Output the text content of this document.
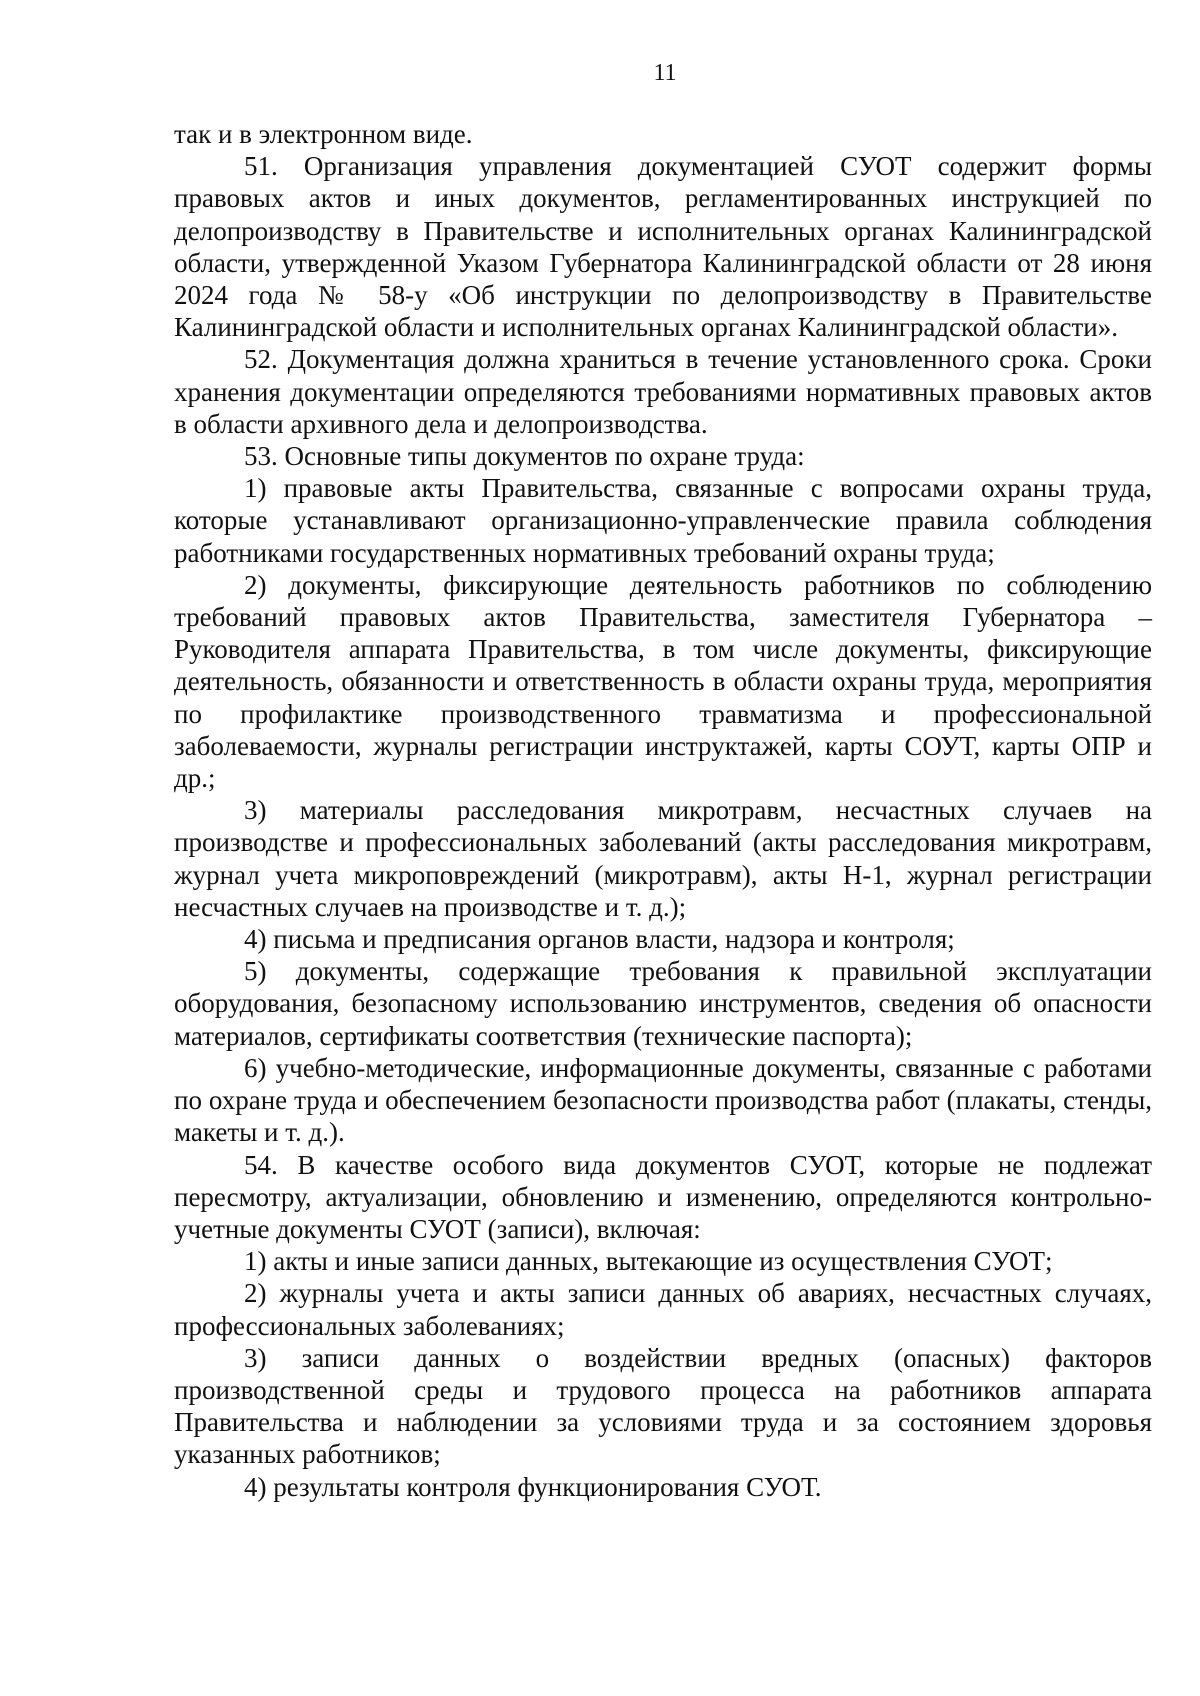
11

так и в электронном виде.

51. Организация управления документацией СУОТ содержит формы правовых актов и иных документов, регламентированных инструкцией по делопроизводству в Правительстве и исполнительных органах Калининградской области, утвержденной Указом Губернатора Калининградской области от 28 июня 2024 года № 58-у «Об инструкции по делопроизводству в Правительстве Калининградской области и исполнительных органах Калининградской области».

52. Документация должна храниться в течение установленного срока. Сроки хранения документации определяются требованиями нормативных правовых актов в области архивного дела и делопроизводства.

53. Основные типы документов по охране труда:

1) правовые акты Правительства, связанные с вопросами охраны труда, которые устанавливают организационно-управленческие правила соблюдения работниками государственных нормативных требований охраны труда;

2) документы, фиксирующие деятельность работников по соблюдению требований правовых актов Правительства, заместителя Губернатора – Руководителя аппарата Правительства, в том числе документы, фиксирующие деятельность, обязанности и ответственность в области охраны труда, мероприятия по профилактике производственного травматизма и профессиональной заболеваемости, журналы регистрации инструктажей, карты СОУТ, карты ОПР и др.;

3) материалы расследования микротравм, несчастных случаев на производстве и профессиональных заболеваний (акты расследования микротравм, журнал учета микроповреждений (микротравм), акты Н-1, журнал регистрации несчастных случаев на производстве и т. д.);

4) письма и предписания органов власти, надзора и контроля;

5) документы, содержащие требования к правильной эксплуатации оборудования, безопасному использованию инструментов, сведения об опасности материалов, сертификаты соответствия (технические паспорта);

6) учебно-методические, информационные документы, связанные с работами по охране труда и обеспечением безопасности производства работ (плакаты, стенды, макеты и т. д.).

54. В качестве особого вида документов СУОТ, которые не подлежат пересмотру, актуализации, обновлению и изменению, определяются контрольно-учетные документы СУОТ (записи), включая:

1) акты и иные записи данных, вытекающие из осуществления СУОТ;

2) журналы учета и акты записи данных об авариях, несчастных случаях, профессиональных заболеваниях;

3) записи данных о воздействии вредных (опасных) факторов производственной среды и трудового процесса на работников аппарата Правительства и наблюдении за условиями труда и за состоянием здоровья указанных работников;

4) результаты контроля функционирования СУОТ.
